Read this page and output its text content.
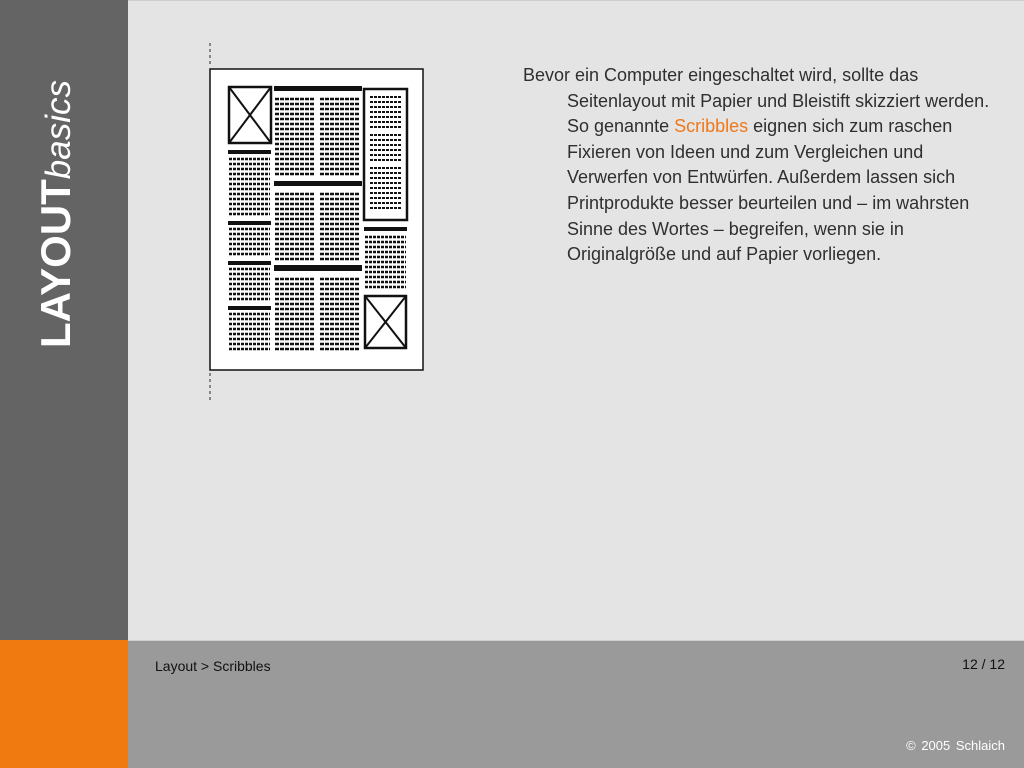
LAYOUTbasics

Bevor ein Computer eingeschaltet wird, sollte das Seitenlayout mit Papier und Bleistift skizziert werden. So genannte Scribbles eignen sich zum raschen Fixieren von Ideen und zum Vergleichen und Verwerfen von Entwürfen. Außerdem lassen sich Printprodukte besser beurteilen und – im wahrsten Sinne des Wortes – begreifen, wenn sie in Originalgröße und auf Papier vorliegen.

Layout > Scribbles	12 / 12
© 2005 Schlaich
